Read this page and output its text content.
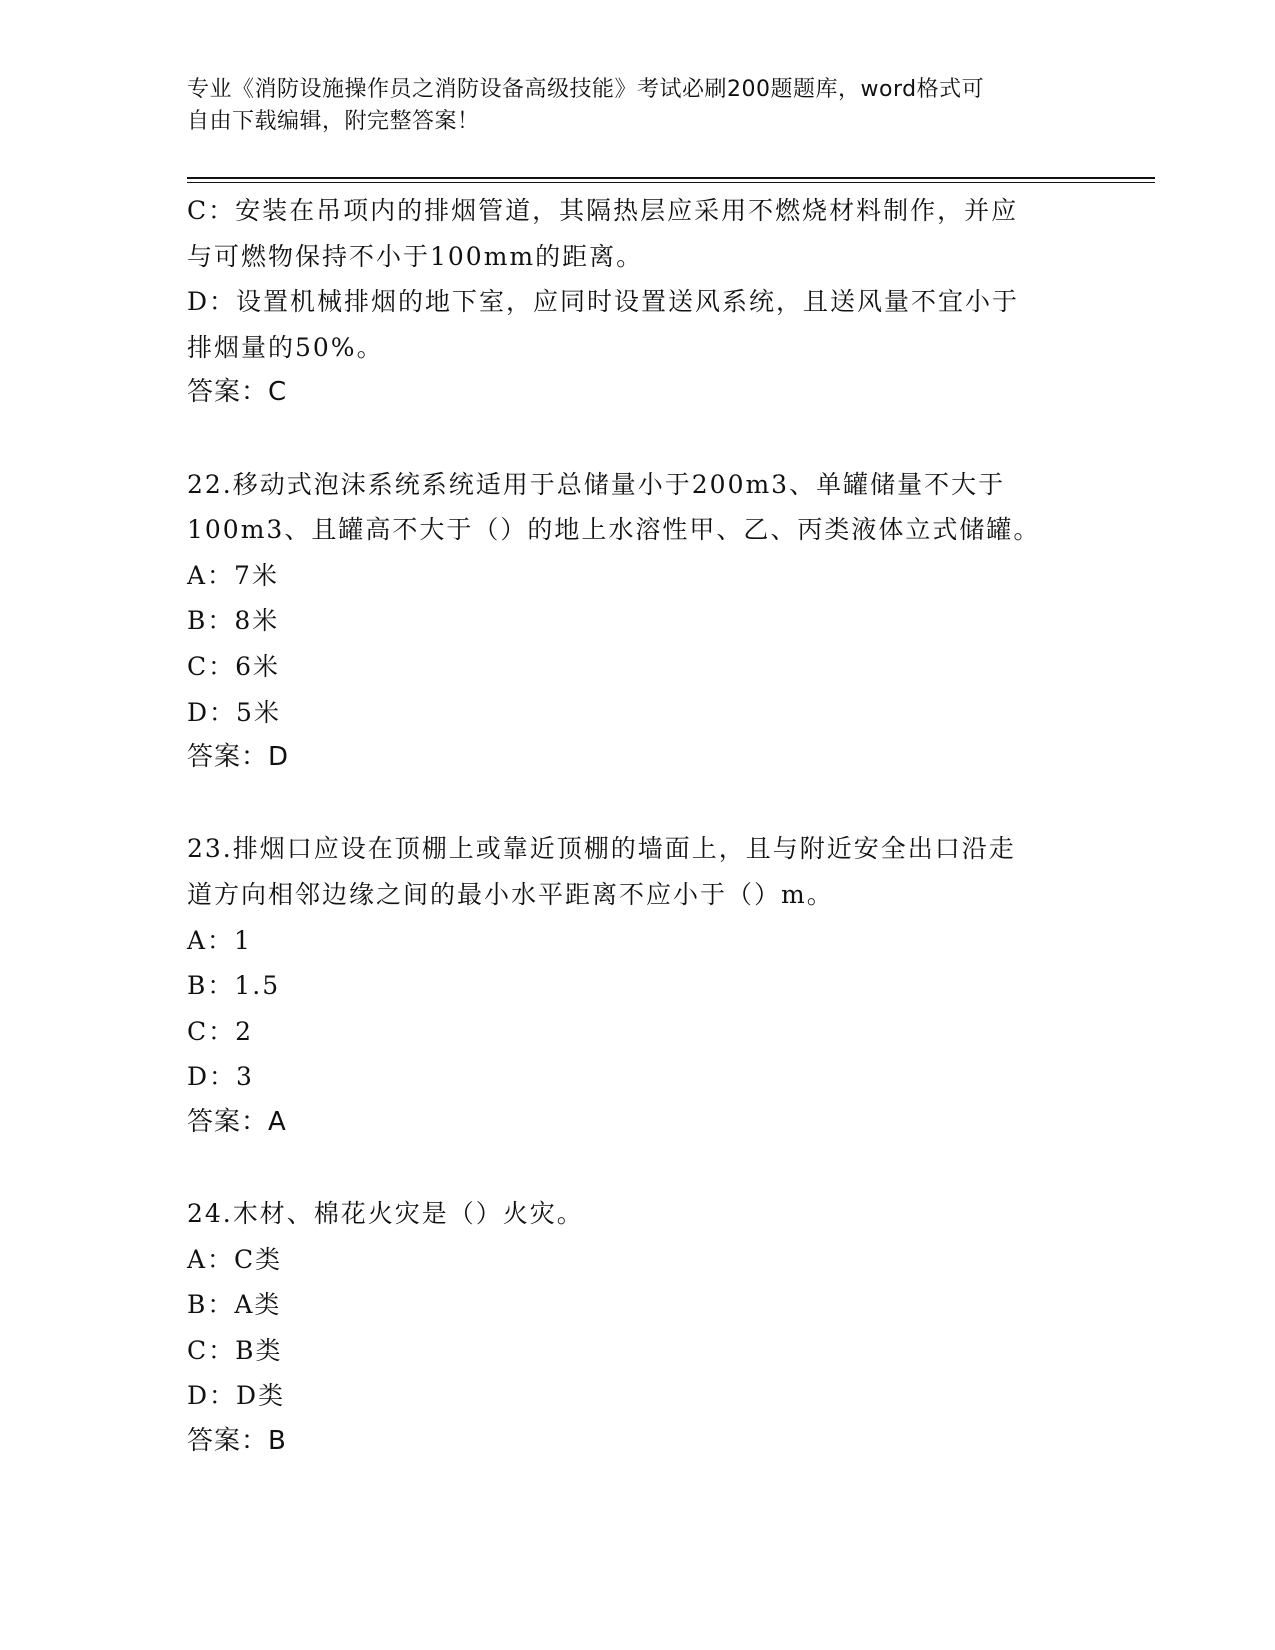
专业《消防设施操作员之消防设备高级技能》考试必刷200题题库，word格式可
自由下载编辑，附完整答案！

C：安装在吊项内的排烟管道，其隔热层应采用不燃烧材料制作，并应

与可燃物保持不小于100mm的距离。

D：设置机械排烟的地下室，应同时设置送风系统，且送风量不宜小于

排烟量的50%。

答案：C

22.移动式泡沫系统系统适用于总储量小于200m3、单罐储量不大于

100m3、且罐高不大于（）的地上水溶性甲、乙、丙类液体立式储罐。

A：7米

B：8米

C：6米

D：5米

答案：D

23.排烟口应设在顶棚上或靠近顶棚的墙面上，且与附近安全出口沿走

道方向相邻边缘之间的最小水平距离不应小于（）m。

A：1

B：1.5

C：2

D：3

答案：A

24.木材、棉花火灾是（）火灾。

A：C类

B：A类

C：B类

D：D类

答案：B
